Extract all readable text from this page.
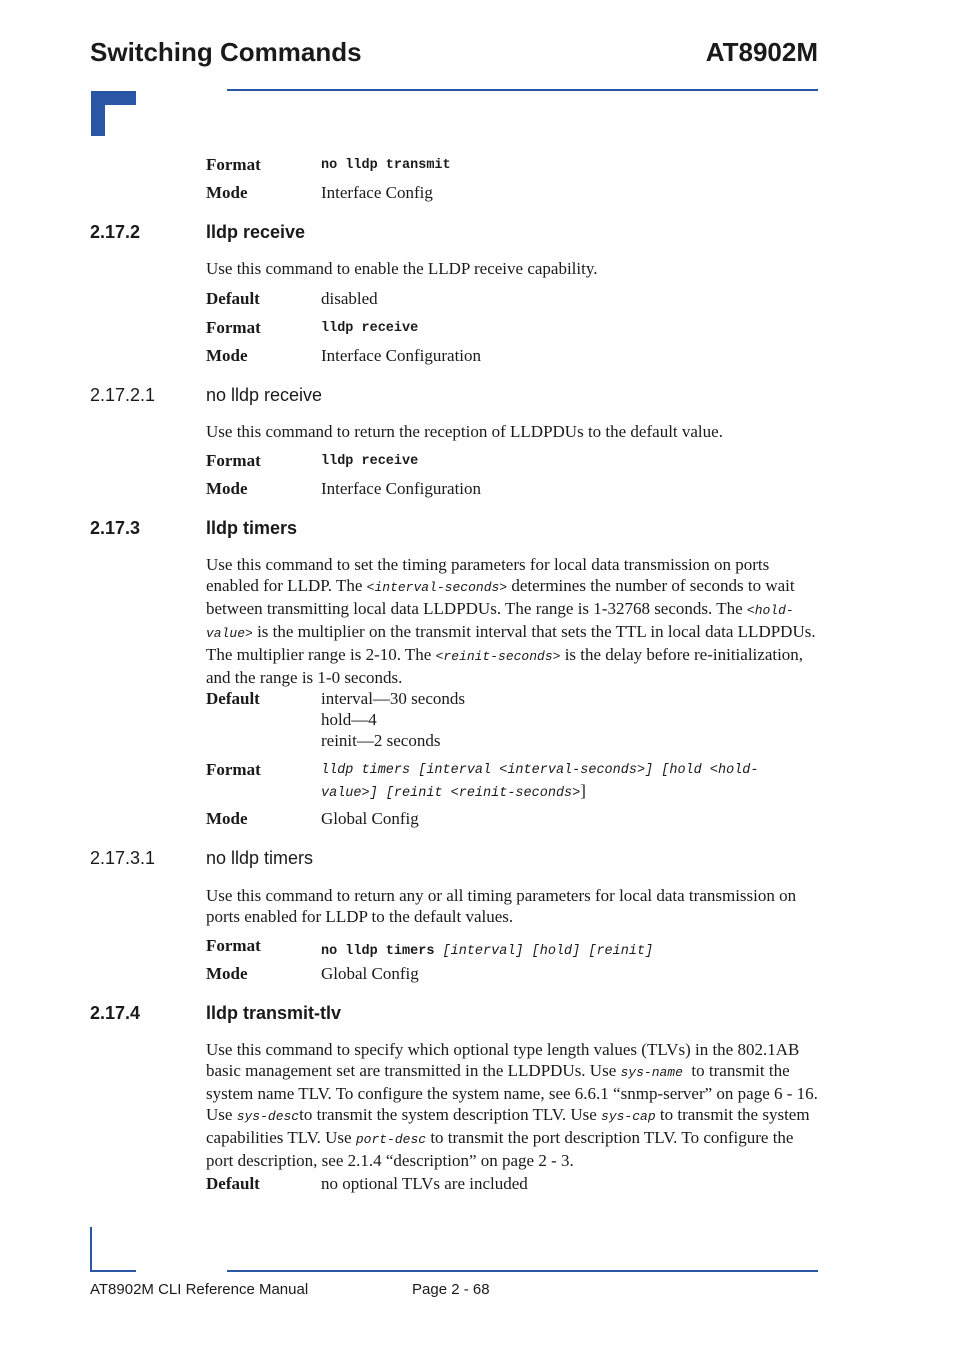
Switching Commands	AT8902M
Format	no lldp transmit
Mode	Interface Config
2.17.2	lldp receive
Use this command to enable the LLDP receive capability.
Default	disabled
Format	lldp receive
Mode	Interface Configuration
2.17.2.1	no lldp receive
Use this command to return the reception of LLDPDUs to the default value.
Format	lldp receive
Mode	Interface Configuration
2.17.3	lldp timers
Use this command to set the timing parameters for local data transmission on ports enabled for LLDP. The <interval-seconds> determines the number of seconds to wait between transmitting local data LLDPDUs. The range is 1-32768 seconds. The <hold-value> is the multiplier on the transmit interval that sets the TTL in local data LLDPDUs. The multiplier range is 2-10. The <reinit-seconds> is the delay before re-initialization, and the range is 1-0 seconds.
Default	interval—30 seconds
hold—4
reinit—2 seconds
Format	lldp timers [interval <interval-seconds>] [hold <hold-
value>] [reinit <reinit-seconds>]
Mode	Global Config
2.17.3.1	no lldp timers
Use this command to return any or all timing parameters for local data transmission on ports enabled for LLDP to the default values.
Format	no lldp timers [interval] [hold] [reinit]
Mode	Global Config
2.17.4	lldp transmit-tlv
Use this command to specify which optional type length values (TLVs) in the 802.1AB basic management set are transmitted in the LLDPDUs. Use sys-name  to transmit the system name TLV. To configure the system name, see 6.6.1 “snmp-server” on page 6 - 16. Use sys-descto transmit the system description TLV. Use sys-cap to transmit the system capabilities TLV. Use port-desc to transmit the port description TLV. To configure the port description, see 2.1.4 “description” on page 2 - 3.
Default	no optional TLVs are included
AT8902M CLI Reference Manual	Page 2 - 68
